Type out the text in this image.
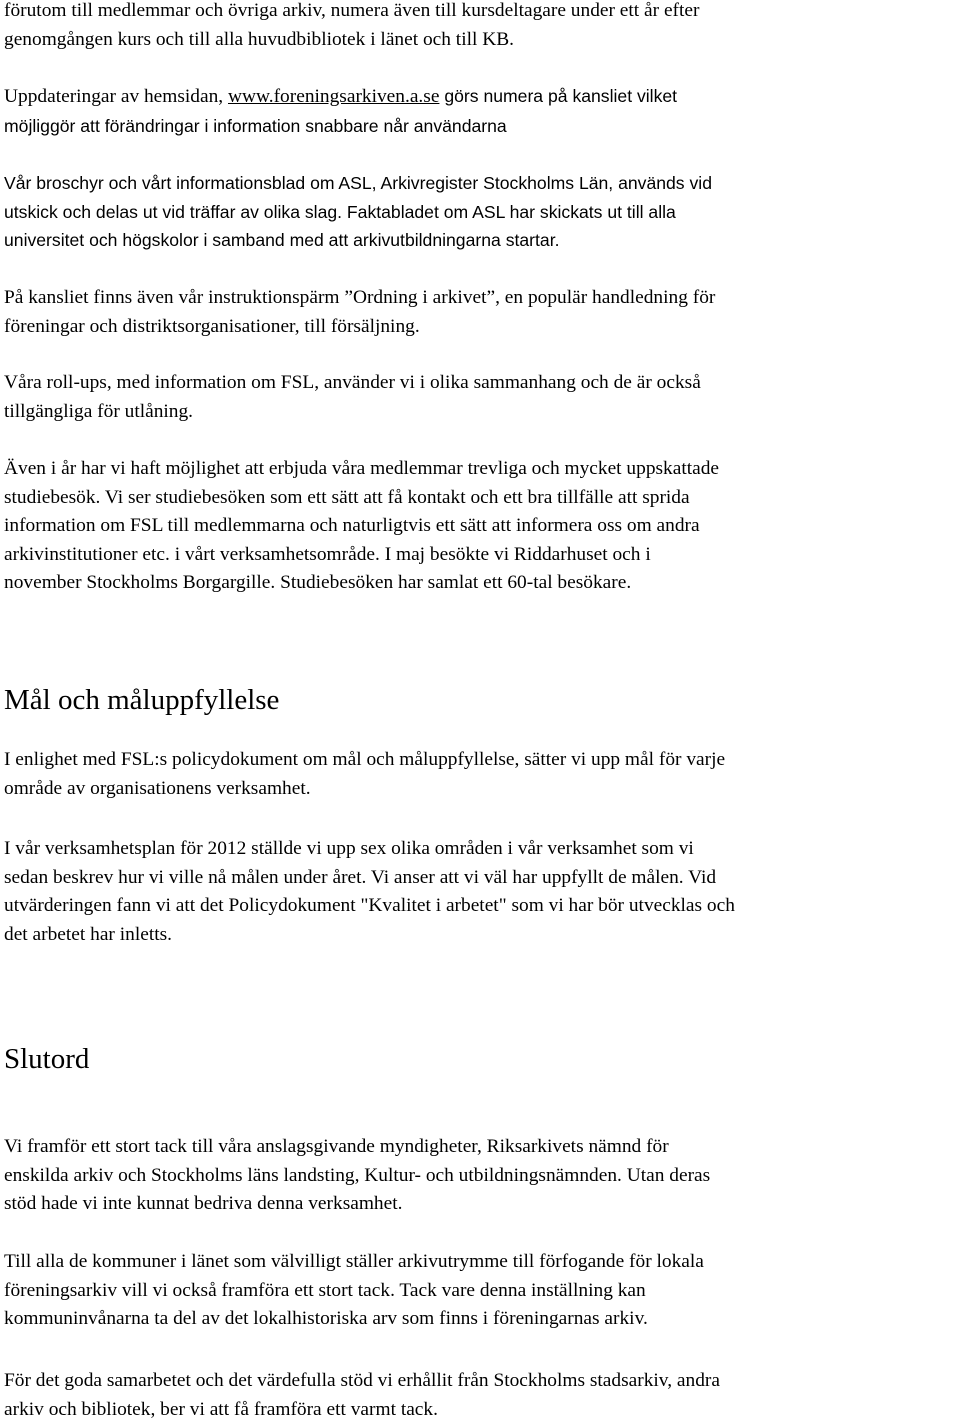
förutom till medlemmar och övriga arkiv, numera även till kursdeltagare under ett år efter
genomgången kurs och till alla huvudbibliotek i länet och till KB.

Uppdateringar av hemsidan, www.foreningsarkiven.a.se görs numera på kansliet vilket
möjliggör att förändringar i information snabbare når användarna

Vår broschyr och vårt informationsblad om ASL, Arkivregister Stockholms Län, används vid
utskick och delas ut vid träffar av olika slag. Faktabladet om ASL har skickats ut till alla
universitet och högskolor i samband med att arkivutbildningarna startar.

På kansliet finns även vår instruktionspärm ”Ordning i arkivet”, en populär handledning för
föreningar och distriktsorganisationer, till försäljning.

Våra roll-ups, med information om FSL, använder vi i olika sammanhang och de är också
tillgängliga för utlåning.

Även i år har vi haft möjlighet att erbjuda våra medlemmar trevliga och mycket uppskattade
studiebesök. Vi ser studiebesöken som ett sätt att få kontakt och ett bra tillfälle att sprida
information om FSL till medlemmarna och naturligtvis ett sätt att informera oss om andra
arkivinstitutioner etc. i vårt verksamhetsområde. I maj besökte vi Riddarhuset och i
november Stockholms Borgargille. Studiebesöken har samlat ett 60-tal besökare.

Mål och måluppfyllelse

I enlighet med FSL:s policydokument om mål och måluppfyllelse, sätter vi upp mål för varje
område av organisationens verksamhet.

I vår verksamhetsplan för 2012 ställde vi upp sex olika områden i vår verksamhet som vi
sedan beskrev hur vi ville nå målen under året. Vi anser att vi väl har uppfyllt de målen. Vid
utvärderingen fann vi att det Policydokument "Kvalitet i arbetet" som vi har bör utvecklas och
det arbetet har inletts.

Slutord

Vi framför ett stort tack till våra anslagsgivande myndigheter, Riksarkivets nämnd för
enskilda arkiv och Stockholms läns landsting, Kultur- och utbildningsnämnden. Utan deras
stöd hade vi inte kunnat bedriva denna verksamhet.

Till alla de kommuner i länet som välvilligt ställer arkivutrymme till förfogande för lokala
föreningsarkiv vill vi också framföra ett stort tack. Tack vare denna inställning kan
kommuninvånarna ta del av det lokalhistoriska arv som finns i föreningarnas arkiv.

För det goda samarbetet och det värdefulla stöd vi erhållit från Stockholms stadsarkiv, andra
arkiv och bibliotek, ber vi att få framföra ett varmt tack.
